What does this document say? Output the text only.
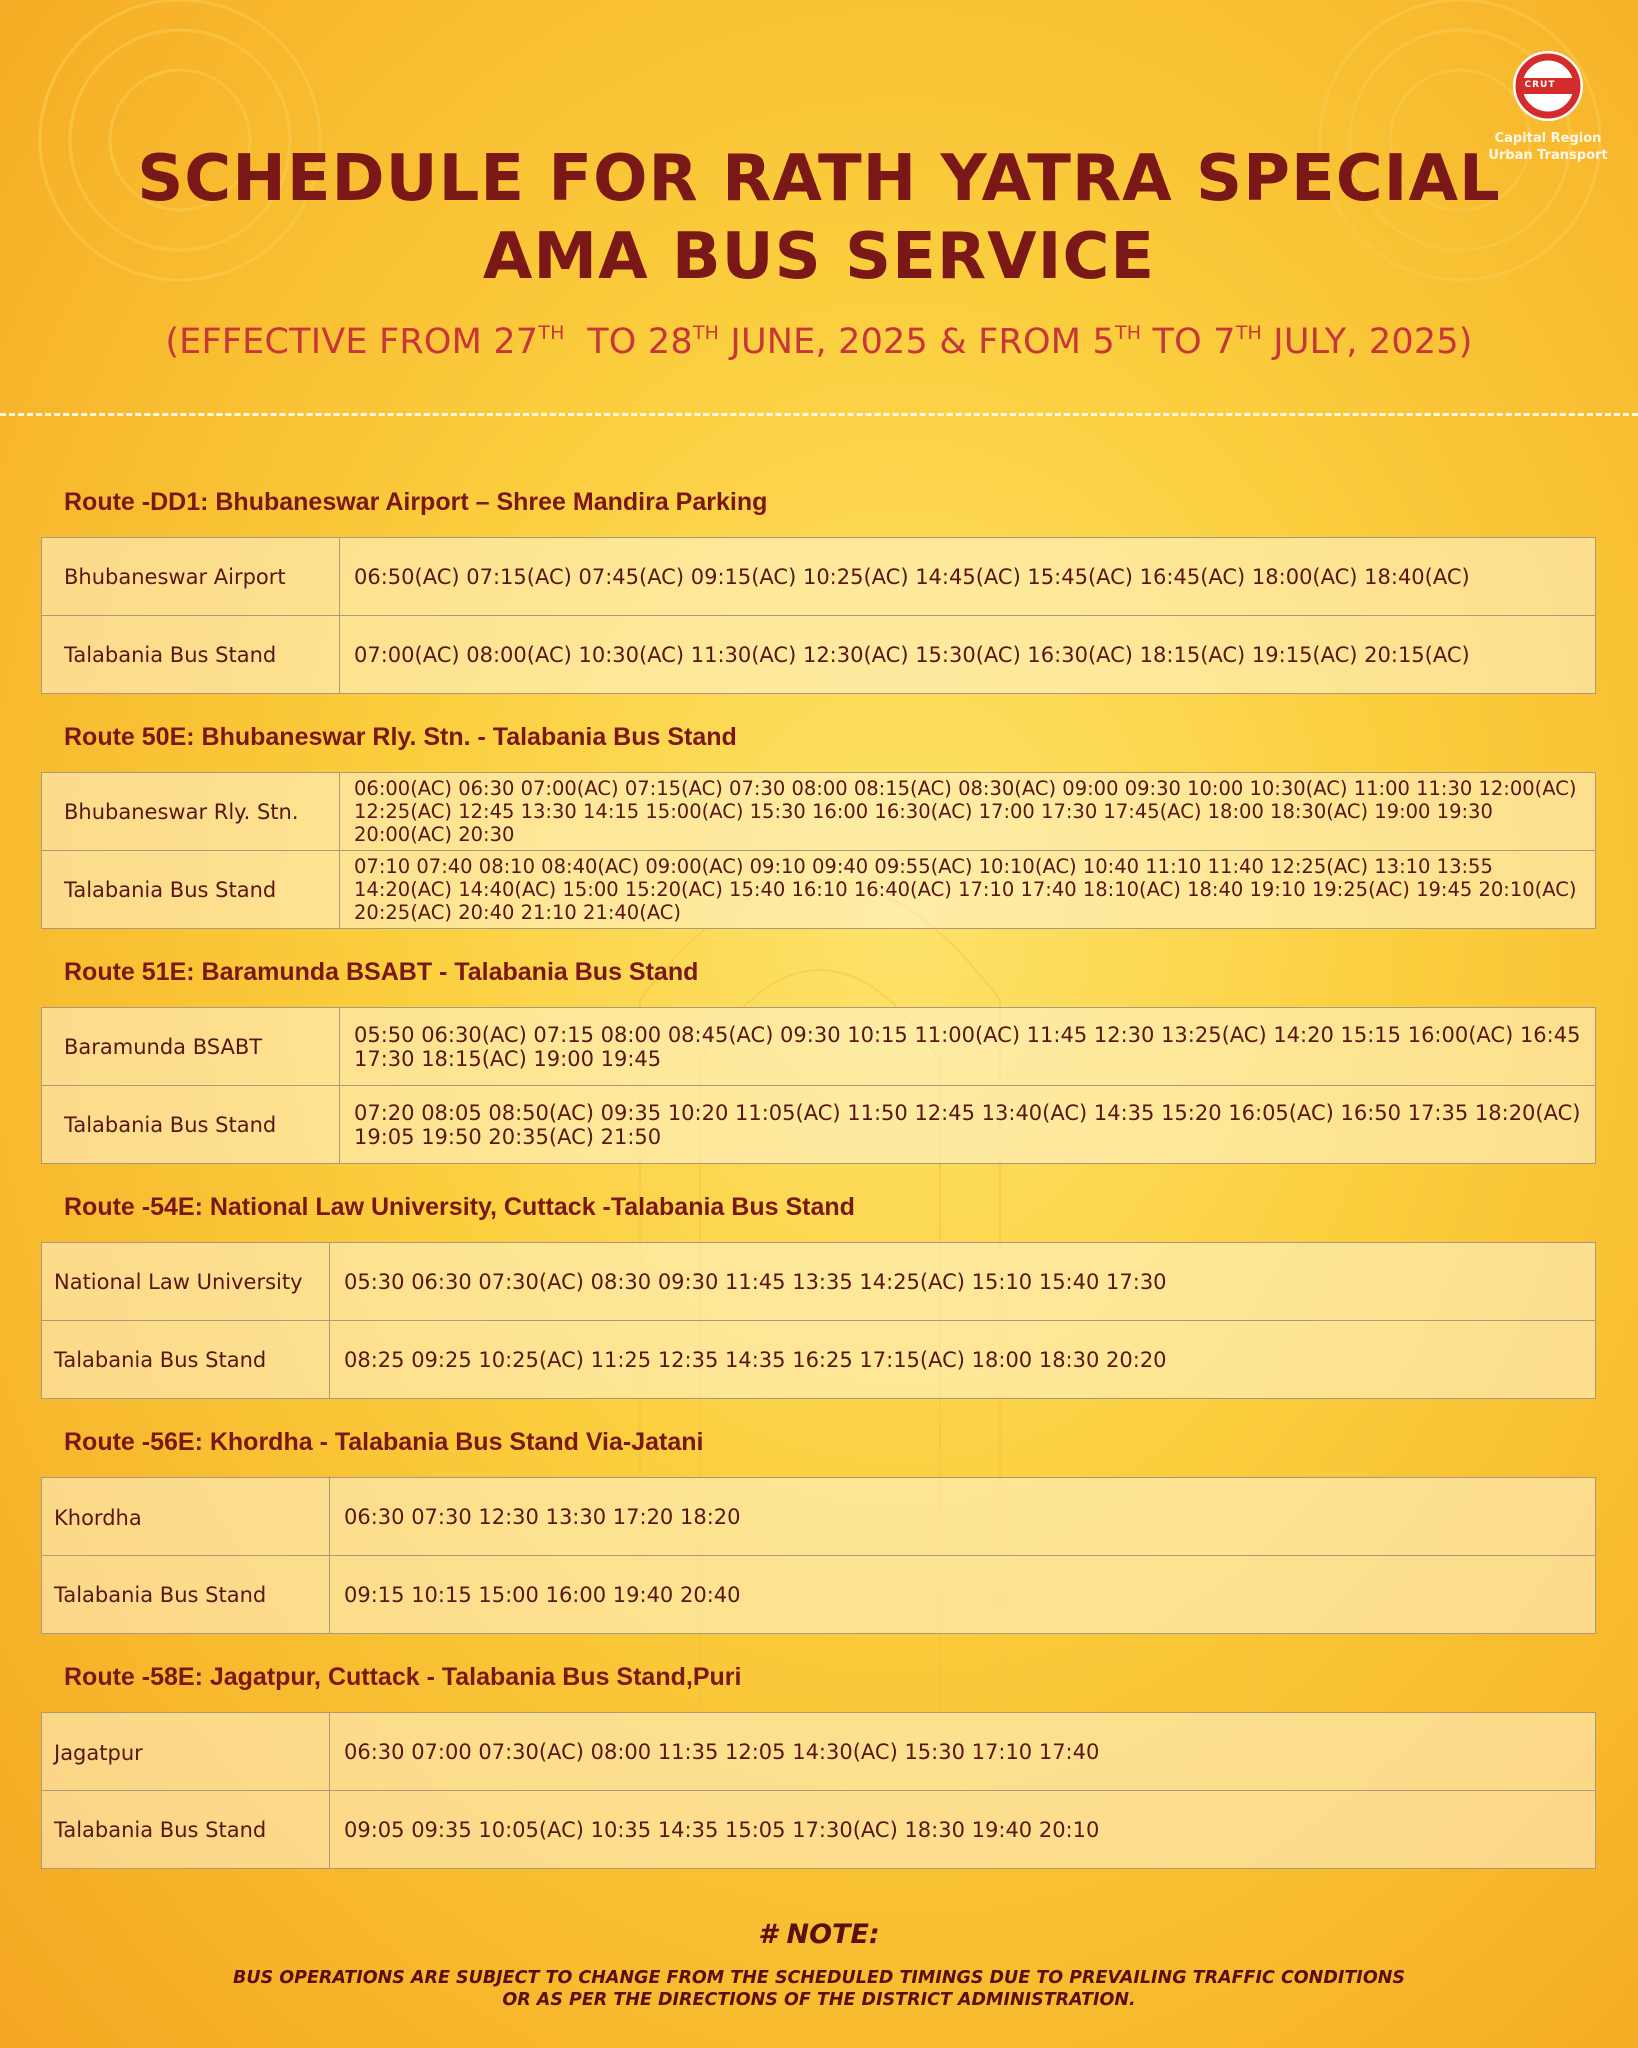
Capital Region
Urban Transport
CRUT
SCHEDULE FOR RATH YATRA SPECIAL
AMA BUS SERVICE
(EFFECTIVE FROM 27TH  TO 28TH JUNE, 2025 & FROM 5TH TO 7TH JULY, 2025)
Route -DD1: Bhubaneswar Airport – Shree Mandira Parking
Bhubaneswar Airport	06:50(AC) 07:15(AC) 07:45(AC) 09:15(AC) 10:25(AC) 14:45(AC) 15:45(AC) 16:45(AC) 18:00(AC) 18:40(AC)
Talabania Bus Stand	07:00(AC) 08:00(AC) 10:30(AC) 11:30(AC) 12:30(AC) 15:30(AC) 16:30(AC) 18:15(AC) 19:15(AC) 20:15(AC)
Route 50E: Bhubaneswar Rly. Stn. - Talabania Bus Stand
Bhubaneswar Rly. Stn.	06:00(AC) 06:30 07:00(AC) 07:15(AC) 07:30 08:00 08:15(AC) 08:30(AC) 09:00 09:30 10:00 10:30(AC) 11:00 11:30 12:00(AC) 12:25(AC) 12:45 13:30 14:15 15:00(AC) 15:30 16:00 16:30(AC) 17:00 17:30 17:45(AC) 18:00 18:30(AC) 19:00 19:30 20:00(AC) 20:30
Talabania Bus Stand	07:10 07:40 08:10 08:40(AC) 09:00(AC) 09:10 09:40 09:55(AC) 10:10(AC) 10:40 11:10 11:40 12:25(AC) 13:10 13:55 14:20(AC) 14:40(AC) 15:00 15:20(AC) 15:40 16:10 16:40(AC) 17:10 17:40 18:10(AC) 18:40 19:10 19:25(AC) 19:45 20:10(AC) 20:25(AC) 20:40 21:10 21:40(AC)
Route 51E: Baramunda BSABT - Talabania Bus Stand
Baramunda BSABT	05:50 06:30(AC) 07:15 08:00 08:45(AC) 09:30 10:15 11:00(AC) 11:45 12:30 13:25(AC) 14:20 15:15 16:00(AC) 16:45 17:30 18:15(AC) 19:00 19:45
Talabania Bus Stand	07:20 08:05 08:50(AC) 09:35 10:20 11:05(AC) 11:50 12:45 13:40(AC) 14:35 15:20 16:05(AC) 16:50 17:35 18:20(AC) 19:05 19:50 20:35(AC) 21:50
Route -54E: National Law University, Cuttack -Talabania Bus Stand
National Law University	05:30 06:30 07:30(AC) 08:30 09:30 11:45 13:35 14:25(AC) 15:10 15:40 17:30
Talabania Bus Stand	08:25 09:25 10:25(AC) 11:25 12:35 14:35 16:25 17:15(AC) 18:00 18:30 20:20
Route -56E: Khordha - Talabania Bus Stand Via-Jatani
Khordha	06:30 07:30 12:30 13:30 17:20 18:20
Talabania Bus Stand	09:15 10:15 15:00 16:00 19:40 20:40
Route -58E: Jagatpur, Cuttack - Talabania Bus Stand,Puri
Jagatpur	06:30 07:00 07:30(AC) 08:00 11:35 12:05 14:30(AC) 15:30 17:10 17:40
Talabania Bus Stand	09:05 09:35 10:05(AC) 10:35 14:35 15:05 17:30(AC) 18:30 19:40 20:10
# NOTE:
BUS OPERATIONS ARE SUBJECT TO CHANGE FROM THE SCHEDULED TIMINGS DUE TO PREVAILING TRAFFIC CONDITIONS
OR AS PER THE DIRECTIONS OF THE DISTRICT ADMINISTRATION.
